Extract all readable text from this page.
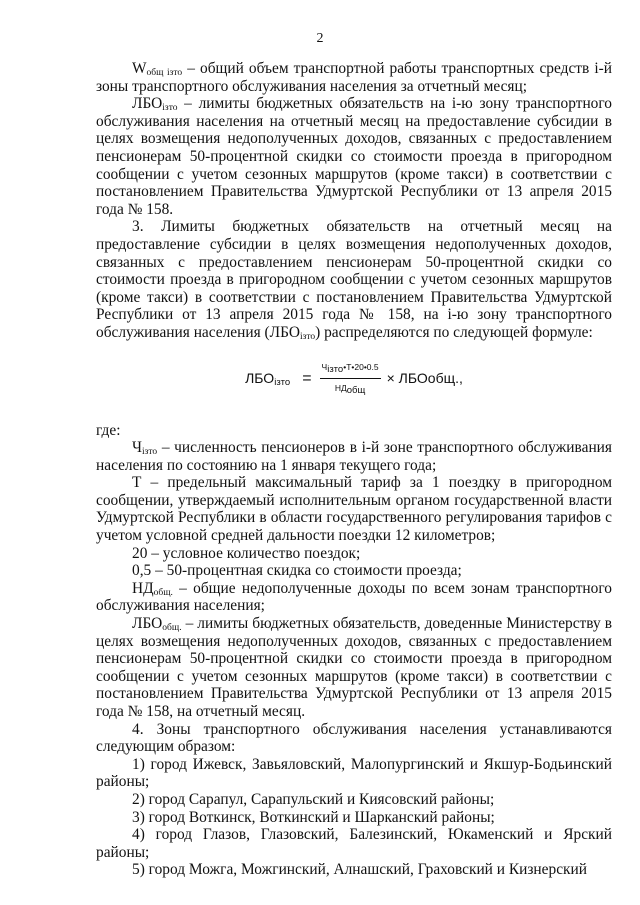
2

$W_{общ iзто}$ – общий объем транспортной работы транспортных средств i-й зоны транспортного обслуживания населения за отчетный месяц;

$ЛБО_{iзто}$ – лимиты бюджетных обязательств на i-ю зону транспортного обслуживания населения на отчетный месяц на предоставление субсидии в целях возмещения недополученных доходов, связанных с предоставлением пенсионерам 50-процентной скидки со стоимости проезда в пригородном сообщении с учетом сезонных маршрутов (кроме такси) в соответствии с постановлением Правительства Удмуртской Республики от 13 апреля 2015 года № 158.

3. Лимиты бюджетных обязательств на отчетный месяц на предоставление субсидии в целях возмещения недополученных доходов, связанных с предоставлением пенсионерам 50-процентной скидки со стоимости проезда в пригородном сообщении с учетом сезонных маршрутов (кроме такси) в соответствии с постановлением Правительства Удмуртской Республики от 13 апреля 2015 года № 158, на i-ю зону транспортного обслуживания населения $(ЛБО_{iзто})$ распределяются по следующей формуле:

$ЛБО_{iзто} = \frac{Ч_{iзто}•Т•20•0.5}{НД_{общ}}$ × ЛБОобщ.,

где:

$Ч_{iзто}$ – численность пенсионеров в i-й зоне транспортного обслуживания населения по состоянию на 1 января текущего года;

Т – предельный максимальный тариф за 1 поездку в пригородном сообщении, утверждаемый исполнительным органом государственной власти Удмуртской Республики в области государственного регулирования тарифов с учетом условной средней дальности поездки 12 километров;

20 – условное количество поездок;

0,5 – 50-процентная скидка со стоимости проезда;

$НД_{общ.}$ – общие недополученные доходы по всем зонам транспортного обслуживания населения;

$ЛБО_{общ.}$ – лимиты бюджетных обязательств, доведенные Министерству в целях возмещения недополученных доходов, связанных с предоставлением пенсионерам 50-процентной скидки со стоимости проезда в пригородном сообщении с учетом сезонных маршрутов (кроме такси) в соответствии с постановлением Правительства Удмуртской Республики от 13 апреля 2015 года № 158, на отчетный месяц.

4. Зоны транспортного обслуживания населения устанавливаются следующим образом:

1) город Ижевск, Завьяловский, Малопургинский и Якшур-Бодьинский районы;

2) город Сарапул, Сарапульский и Киясовский районы;

3) город Воткинск, Воткинский и Шарканский районы;

4) город Глазов, Глазовский, Балезинский, Юкаменский и Ярский районы;

5) город Можга, Можгинский, Алнашский, Граховский и Кизнерский
